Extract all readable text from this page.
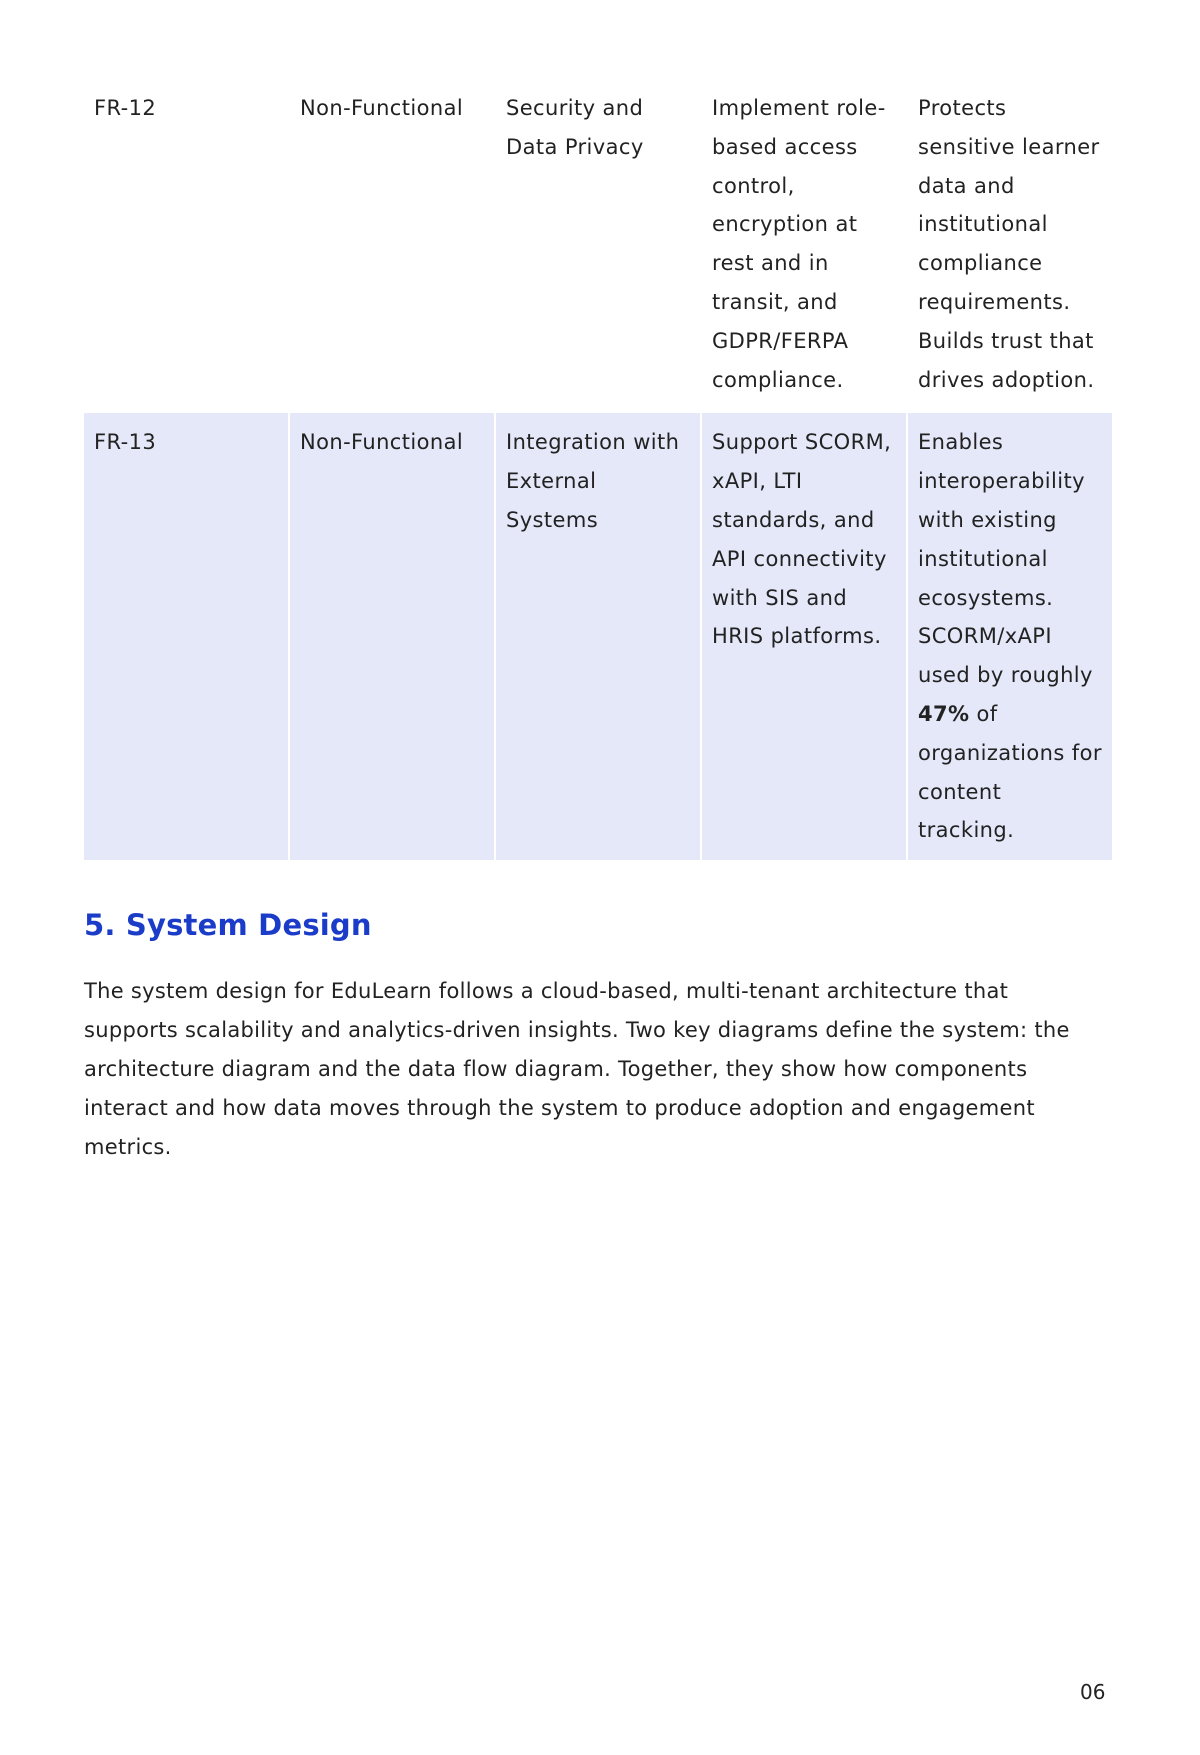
FR-12	Non-Functional	Security and Data Privacy	Implement role-based access control, encryption at rest and in transit, and GDPR/FERPA compliance.	Protects sensitive learner data and institutional compliance requirements. Builds trust that drives adoption.
FR-13	Non-Functional	Integration with External Systems	Support SCORM, xAPI, LTI standards, and API connectivity with SIS and HRIS platforms.	Enables interoperability with existing institutional ecosystems. SCORM/xAPI used by roughly 47% of organizations for content tracking.
5. System Design

The system design for EduLearn follows a cloud-based, multi-tenant architecture that supports scalability and analytics-driven insights. Two key diagrams define the system: the architecture diagram and the data flow diagram. Together, they show how components interact and how data moves through the system to produce adoption and engagement metrics.

06
